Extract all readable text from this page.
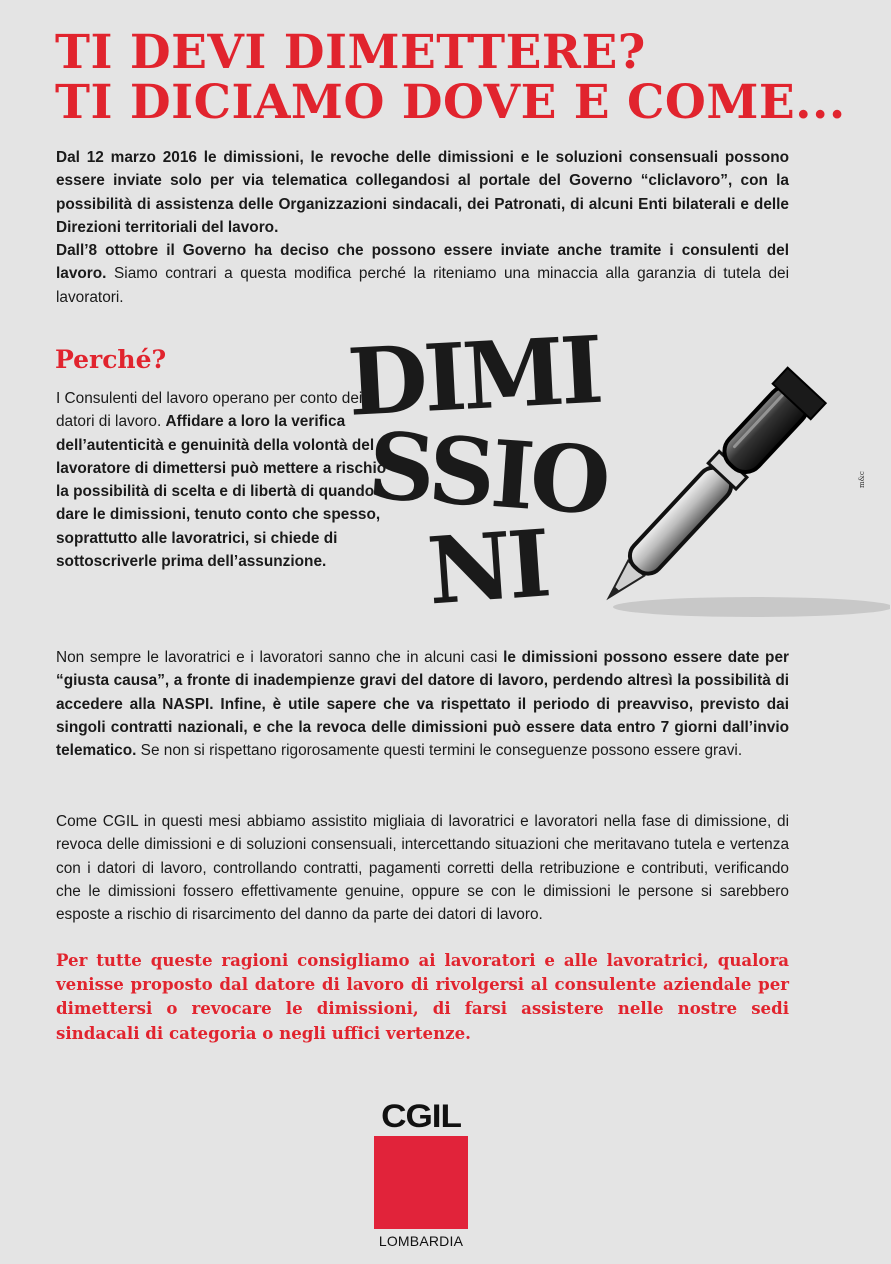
TI DEVI DIMETTERE?
TI DICIAMO DOVE E COME...

Dal 12 marzo 2016 le dimissioni, le revoche delle dimissioni e le soluzioni consensuali possono essere inviate solo per via telematica collegandosi al portale del Governo “cliclavoro”, con la possibilità di assistenza delle Organizzazioni sindacali, dei Patronati, di alcuni Enti bilaterali e delle Direzioni territoriali del lavoro.
Dall’8 ottobre il Governo ha deciso che possono essere inviate anche tramite i consulenti del lavoro. Siamo contrari a questa modifica perché la riteniamo una minaccia alla garanzia di tutela dei lavoratori.

Perché?

I Consulenti del lavoro operano per conto dei datori di lavoro. Affidare a loro la verifica dell’autenticità e genuinità della volontà del lavoratore di dimettersi può mettere a rischio la possibilità di scelta e di libertà di quando dare le dimissioni, tenuto conto che spesso, soprattutto alle lavoratrici, si chiede di sottoscriverle prima dell’assunzione.

DIMI
SSIO
NI
m&c

Non sempre le lavoratrici e i lavoratori sanno che in alcuni casi le dimissioni possono essere date per “giusta causa”, a fronte di inadempienze gravi del datore di lavoro, perdendo altresì la possibilità di accedere alla NASPI. Infine, è utile sapere che va rispettato il periodo di preavviso, previsto dai singoli contratti nazionali, e che la revoca delle dimissioni può essere data entro 7 giorni dall’invio telematico. Se non si rispettano rigorosamente questi termini le conseguenze possono essere gravi.

Come CGIL in questi mesi abbiamo assistito migliaia di lavoratrici e lavoratori nella fase di dimissione, di revoca delle dimissioni e di soluzioni consensuali, intercettando situazioni che meritavano tutela e vertenza con i datori di lavoro, controllando contratti, pagamenti corretti della retribuzione e contributi, verificando che le dimissioni fossero effettivamente genuine, oppure se con le dimissioni le persone si sarebbero esposte a rischio di risarcimento del danno da parte dei datori di lavoro.

Per tutte queste ragioni consigliamo ai lavoratori e alle lavoratrici, qualora venisse proposto dal datore di lavoro di rivolgersi al consulente aziendale per dimettersi o revocare le dimissioni, di farsi assistere nelle nostre sedi sindacali di categoria o negli uffici vertenze.

CGIL
LOMBARDIA
